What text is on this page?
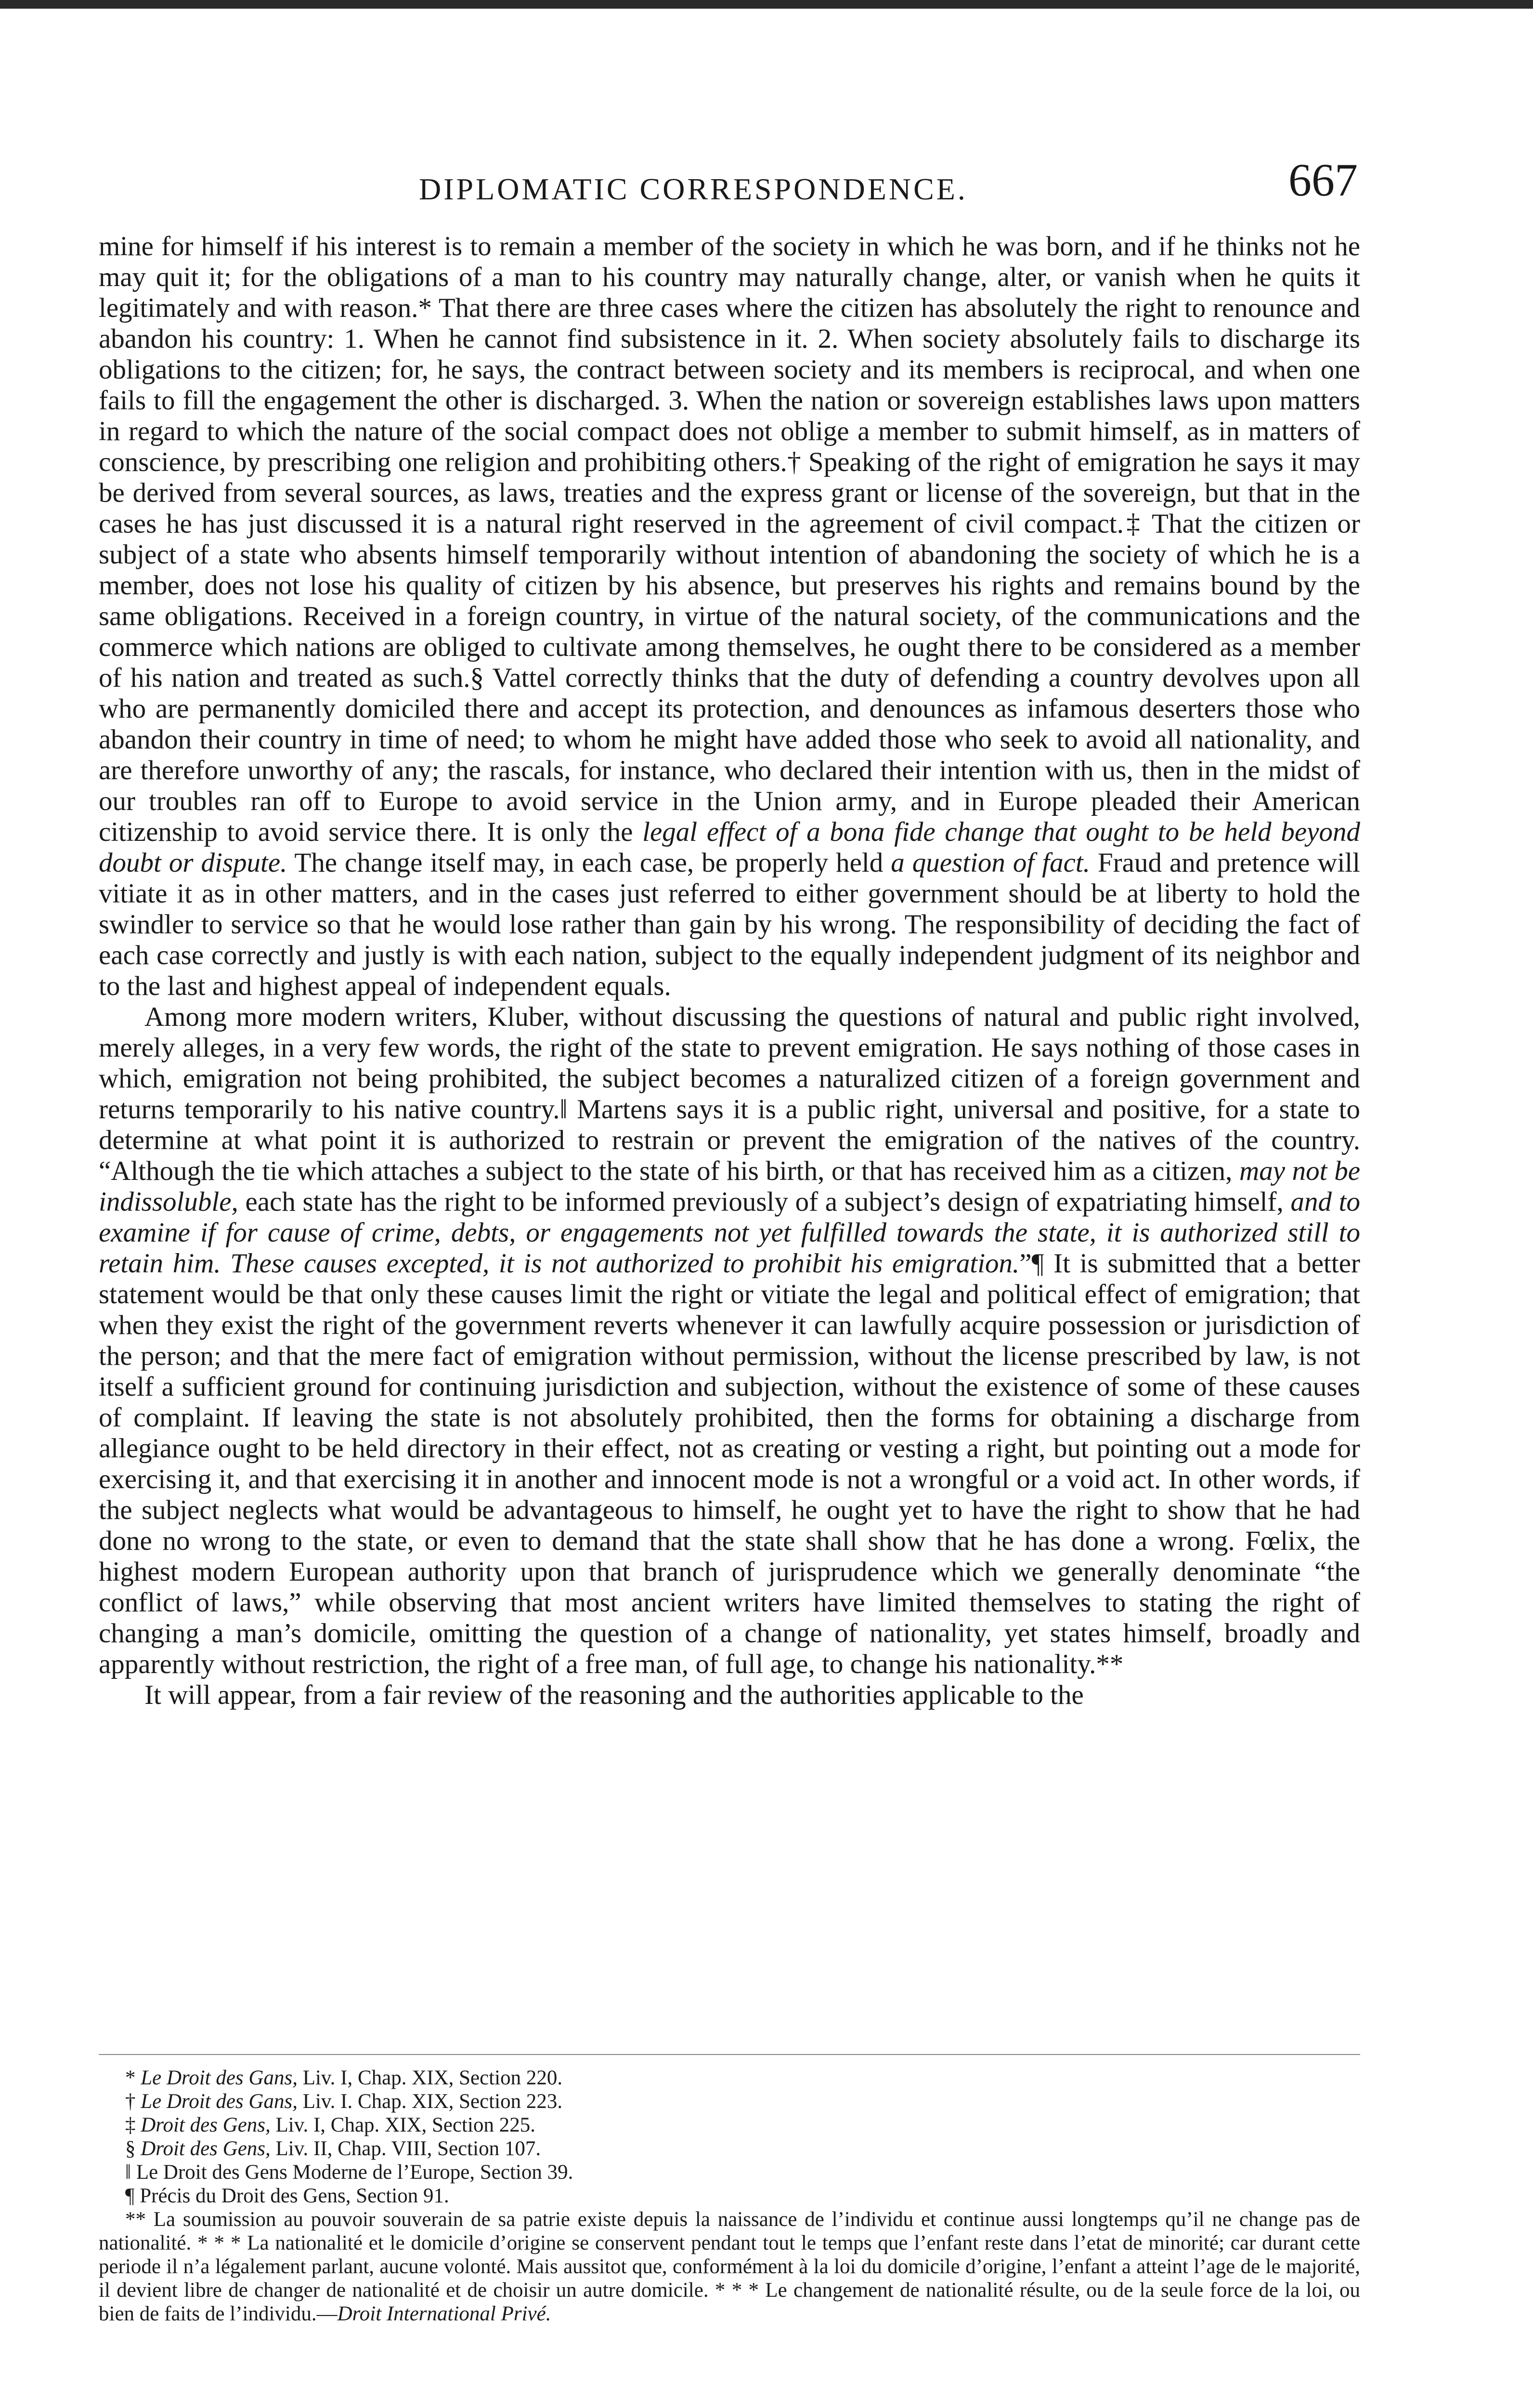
DIPLOMATIC CORRESPONDENCE.	667

mine for himself if his interest is to remain a member of the society in which he was born, and if he thinks not he may quit it; for the obligations of a man to his country may naturally change, alter, or vanish when he quits it legitimately and with reason.* That there are three cases where the citizen has absolutely the right to renounce and abandon his country: 1. When he cannot find subsistence in it. 2. When society absolutely fails to discharge its obligations to the citizen; for, he says, the contract between society and its members is reciprocal, and when one fails to fill the engagement the other is discharged. 3. When the nation or sovereign establishes laws upon matters in regard to which the nature of the social compact does not oblige a member to submit himself, as in matters of conscience, by prescribing one religion and prohibiting others.† Speaking of the right of emigration he says it may be derived from several sources, as laws, treaties and the express grant or license of the sovereign, but that in the cases he has just discussed it is a natural right reserved in the agreement of civil compact.‡ That the citizen or subject of a state who absents himself temporarily without intention of abandoning the society of which he is a member, does not lose his quality of citizen by his absence, but preserves his rights and remains bound by the same obligations. Received in a foreign country, in virtue of the natural society, of the communications and the commerce which nations are obliged to cultivate among themselves, he ought there to be considered as a member of his nation and treated as such.§ Vattel correctly thinks that the duty of defending a country devolves upon all who are permanently domiciled there and accept its protection, and denounces as infamous deserters those who abandon their country in time of need; to whom he might have added those who seek to avoid all nationality, and are therefore unworthy of any; the rascals, for instance, who declared their intention with us, then in the midst of our troubles ran off to Europe to avoid service in the Union army, and in Europe pleaded their American citizenship to avoid service there. It is only the legal effect of a bona fide change that ought to be held beyond doubt or dispute. The change itself may, in each case, be properly held a question of fact. Fraud and pretence will vitiate it as in other matters, and in the cases just referred to either government should be at liberty to hold the swindler to service so that he would lose rather than gain by his wrong. The responsibility of deciding the fact of each case correctly and justly is with each nation, subject to the equally independent judgment of its neighbor and to the last and highest appeal of independent equals.

Among more modern writers, Kluber, without discussing the questions of natural and public right involved, merely alleges, in a very few words, the right of the state to prevent emigration. He says nothing of those cases in which, emigration not being prohibited, the subject becomes a naturalized citizen of a foreign government and returns temporarily to his native country.‖ Martens says it is a public right, universal and positive, for a state to determine at what point it is authorized to restrain or prevent the emigration of the natives of the country. “Although the tie which attaches a subject to the state of his birth, or that has received him as a citizen, may not be indissoluble, each state has the right to be informed previously of a subject’s design of expatriating himself, and to examine if for cause of crime, debts, or engagements not yet fulfilled towards the state, it is authorized still to retain him. These causes excepted, it is not authorized to prohibit his emigration.”¶ It is submitted that a better statement would be that only these causes limit the right or vitiate the legal and political effect of emigration; that when they exist the right of the government reverts whenever it can lawfully acquire possession or jurisdiction of the person; and that the mere fact of emigration without permission, without the license prescribed by law, is not itself a sufficient ground for continuing jurisdiction and subjection, without the existence of some of these causes of complaint. If leaving the state is not absolutely prohibited, then the forms for obtaining a discharge from allegiance ought to be held directory in their effect, not as creating or vesting a right, but pointing out a mode for exercising it, and that exercising it in another and innocent mode is not a wrongful or a void act. In other words, if the subject neglects what would be advantageous to himself, he ought yet to have the right to show that he had done no wrong to the state, or even to demand that the state shall show that he has done a wrong. Fœlix, the highest modern European authority upon that branch of jurisprudence which we generally denominate “the conflict of laws,” while observing that most ancient writers have limited themselves to stating the right of changing a man’s domicile, omitting the question of a change of nationality, yet states himself, broadly and apparently without restriction, the right of a free man, of full age, to change his nationality.**

It will appear, from a fair review of the reasoning and the authorities applicable to the

* Le Droit des Gans, Liv. I, Chap. XIX, Section 220.

† Le Droit des Gans, Liv. I. Chap. XIX, Section 223.

‡ Droit des Gens, Liv. I, Chap. XIX, Section 225.

§ Droit des Gens, Liv. II, Chap. VIII, Section 107.

‖ Le Droit des Gens Moderne de l’Europe, Section 39.

¶ Précis du Droit des Gens, Section 91.

** La soumission au pouvoir souverain de sa patrie existe depuis la naissance de l’individu et continue aussi longtemps qu’il ne change pas de nationalité. * * * La nationalité et le domicile d’origine se conservent pendant tout le temps que l’enfant reste dans l’etat de minorité; car durant cette periode il n’a légalement parlant, aucune volonté. Mais aussitot que, conformément à la loi du domicile d’origine, l’enfant a atteint l’age de le majorité, il devient libre de changer de nationalité et de choisir un autre domicile. * * * Le changement de nationalité résulte, ou de la seule force de la loi, ou bien de faits de l’individu.—Droit International Privé.
